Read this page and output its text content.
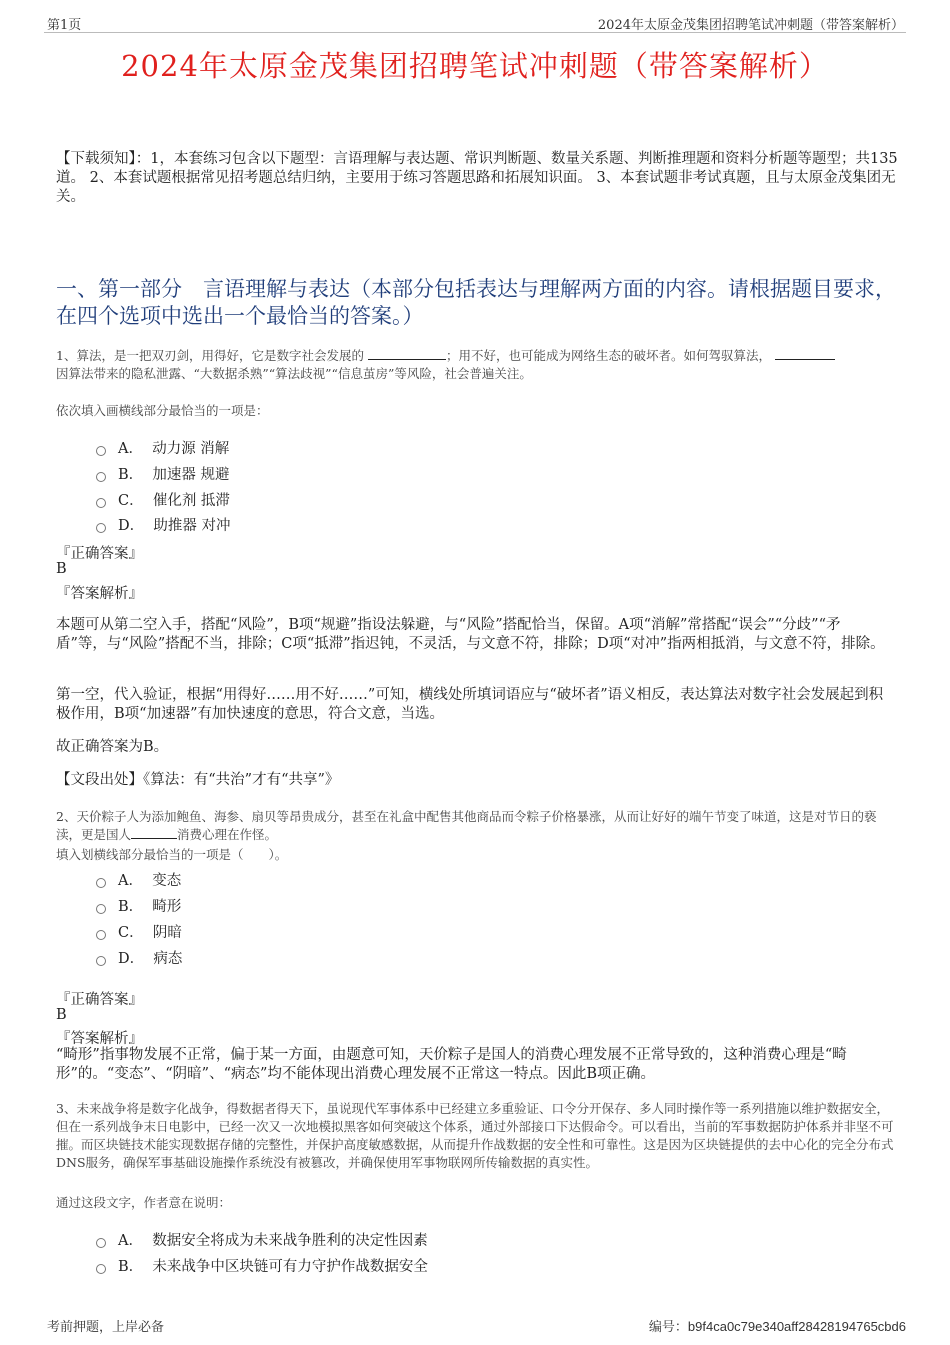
第1页	2024年太原金茂集团招聘笔试冲刺题（带答案解析）
2024年太原金茂集团招聘笔试冲刺题（带答案解析）
【下载须知】：1，本套练习包含以下题型：言语理解与表达题、常识判断题、数量关系题、判断推理题和资料分析题等题型；共135道。 2、本套试题根据常见招考题总结归纳，主要用于练习答题思路和拓展知识面。 3、本套试题非考试真题，且与太原金茂集团无关。
一、第一部分　言语理解与表达（本部分包括表达与理解两方面的内容。请根据题目要求，在四个选项中选出一个最恰当的答案。）
1、算法，是一把双刃剑，用得好，它是数字社会发展的	；用不好，也可能成为网络生态的破坏者。如何驾驭算法，
因算法带来的隐私泄露、“大数据杀熟”“算法歧视”“信息茧房”等风险，社会普遍关注。
依次填入画横线部分最恰当的一项是：
A． 动力源 消解
B． 加速器 规避
C． 催化剂 抵滞
D． 助推器 对冲
『正确答案』
B
『答案解析』
本题可从第二空入手，搭配“风险”，B项“规避”指设法躲避，与“风险”搭配恰当，保留。A项“消解”常搭配“误会”“分歧”“矛盾”等，与“风险”搭配不当，排除；C项“抵滞”指迟钝，不灵活，与文意不符，排除；D项“对冲”指两相抵消，与文意不符，排除。
第一空，代入验证，根据“用得好……用不好……”可知，横线处所填词语应与“破坏者”语义相反，表达算法对数字社会发展起到积极作用，B项“加速器”有加快速度的意思，符合文意，当选。
故正确答案为B。
【文段出处】《算法：有“共治”才有“共享”》
2、天价粽子人为添加鲍鱼、海参、扇贝等昂贵成分，甚至在礼盒中配售其他商品而令粽子价格暴涨，从而让好好的端午节变了味道，这是对节日的亵渎，更是国人	消费心理在作怪。
填入划横线部分最恰当的一项是（　　）。
A． 变态
B． 畸形
C． 阴暗
D． 病态
『正确答案』
B
『答案解析』
“畸形”指事物发展不正常，偏于某一方面，由题意可知，天价粽子是国人的消费心理发展不正常导致的，这种消费心理是“畸形”的。“变态”、“阴暗”、“病态”均不能体现出消费心理发展不正常这一特点。因此B项正确。
3、未来战争将是数字化战争，得数据者得天下，虽说现代军事体系中已经建立多重验证、口令分开保存、多人同时操作等一系列措施以维护数据安全，但在一系列战争末日电影中，已经一次又一次地模拟黑客如何突破这个体系，通过外部接口下达假命令。可以看出，当前的军事数据防护体系并非坚不可摧。而区块链技术能实现数据存储的完整性，并保护高度敏感数据，从而提升作战数据的安全性和可靠性。这是因为区块链提供的去中心化的完全分布式DNS服务，确保军事基础设施操作系统没有被篡改，并确保使用军事物联网所传输数据的真实性。
通过这段文字，作者意在说明：
A． 数据安全将成为未来战争胜利的决定性因素
B． 未来战争中区块链可有力守护作战数据安全
考前押题，上岸必备	编号：b9f4ca0c79e340aff28428194765cbd6
